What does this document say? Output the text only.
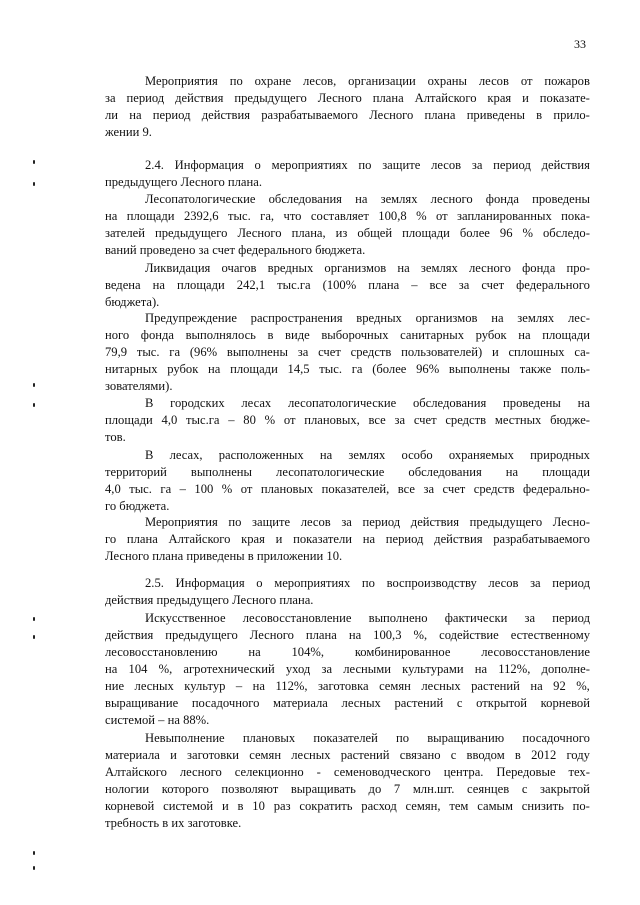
33
Мероприятия по охране лесов, организации охраны лесов от пожаров
за период действия предыдущего Лесного плана Алтайского края и показате-
ли на период действия разрабатываемого Лесного плана приведены в прило-
жении 9.
2.4. Информация о мероприятиях по защите лесов за период действия
предыдущего Лесного плана.
Лесопатологические обследования на землях лесного фонда проведены
на площади 2392,6 тыс. га, что составляет 100,8 % от запланированных пока-
зателей предыдущего Лесного плана, из общей площади более 96 % обследо-
ваний проведено за счет федерального бюджета.
Ликвидация очагов вредных организмов на землях лесного фонда про-
ведена на площади 242,1 тыс.га (100% плана – все за счет федерального
бюджета).
Предупреждение распространения вредных организмов на землях лес-
ного фонда выполнялось в виде выборочных санитарных рубок на площади
79,9 тыс. га (96% выполнены за счет средств пользователей) и сплошных са-
нитарных рубок на площади 14,5 тыс. га (более 96% выполнены также поль-
зователями).
В городских лесах лесопатологические обследования проведены на
площади 4,0 тыс.га – 80 % от плановых, все за счет средств местных бюдже-
тов.
В лесах, расположенных на землях особо охраняемых природных
территорий выполнены лесопатологические обследования на площади
4,0 тыс. га – 100 % от плановых показателей, все за счет средств федерально-
го бюджета.
Мероприятия по защите лесов за период действия предыдущего Лесно-
го плана Алтайского края и показатели на период действия разрабатываемого
Лесного плана приведены в приложении 10.
2.5. Информация о мероприятиях по воспроизводству лесов за период
действия предыдущего Лесного плана.
Искусственное лесовосстановление выполнено фактически за период
действия предыдущего Лесного плана на 100,3 %, содействие естественному
лесовосстановлению на 104%, комбинированное лесовосстановление
на 104 %, агротехнический уход за лесными культурами на 112%, дополне-
ние лесных культур – на 112%, заготовка семян лесных растений на 92 %,
выращивание посадочного материала лесных растений с открытой корневой
системой – на 88%.
Невыполнение плановых показателей по выращиванию посадочного
материала и заготовки семян лесных растений связано с вводом в 2012 году
Алтайского лесного селекционно - семеноводческого центра. Передовые тех-
нологии которого позволяют выращивать до 7 млн.шт. сеянцев с закрытой
корневой системой и в 10 раз сократить расход семян, тем самым снизить по-
требность в их заготовке.
